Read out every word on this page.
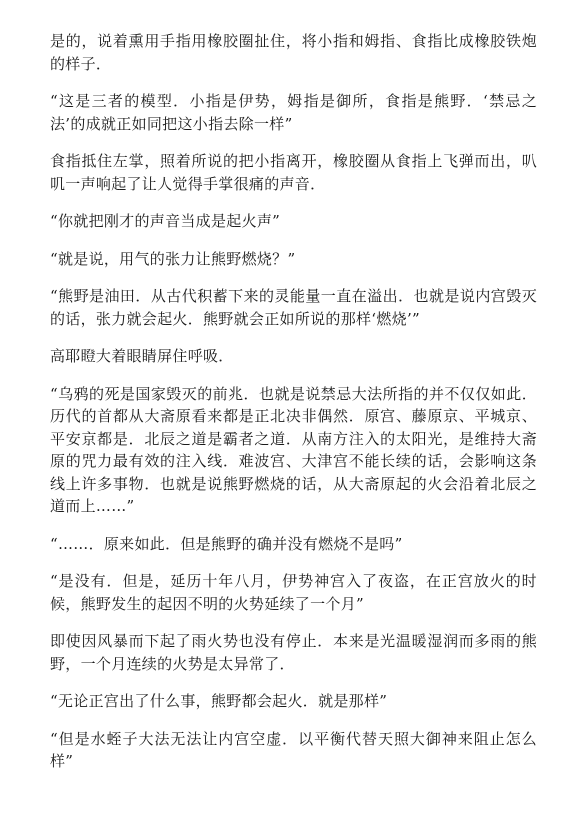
是的，说着熏用手指用橡胶圈扯住，将小指和姆指、食指比成橡胶铁炮的样子．

“这是三者的模型．小指是伊势，姆指是御所，食指是熊野．‘禁忌之法’的成就正如同把这小指去除一样”

食指抵住左掌，照着所说的把小指离开，橡胶圈从食指上飞弹而出，叭叽一声响起了让人觉得手掌很痛的声音．

“你就把刚才的声音当成是起火声”

“就是说，用气的张力让熊野燃烧？”

“熊野是油田．从古代积蓄下来的灵能量一直在溢出．也就是说内宫毁灭的话，张力就会起火．熊野就会正如所说的那样‘燃烧’”

高耶瞪大着眼睛屏住呼吸．

“乌鸦的死是国家毁灭的前兆．也就是说禁忌大法所指的并不仅仅如此．历代的首都从大斋原看来都是正北决非偶然．原宫、藤原京、平城京、平安京都是．北辰之道是霸者之道．从南方注入的太阳光，是维持大斋原的咒力最有效的注入线．难波宫、大津宫不能长续的话，会影响这条线上许多事物．也就是说熊野燃烧的话，从大斋原起的火会沿着北辰之道而上……”

“……．原来如此．但是熊野的确并没有燃烧不是吗”

“是没有．但是，延历十年八月，伊势神宫入了夜盗，在正宫放火的时候，熊野发生的起因不明的火势延续了一个月”

即使因风暴而下起了雨火势也没有停止．本来是光温暖湿润而多雨的熊野，一个月连续的火势是太异常了．

“无论正宫出了什么事，熊野都会起火．就是那样”

“但是水蛭子大法无法让内宫空虚．以平衡代替天照大御神来阻止怎么样”
